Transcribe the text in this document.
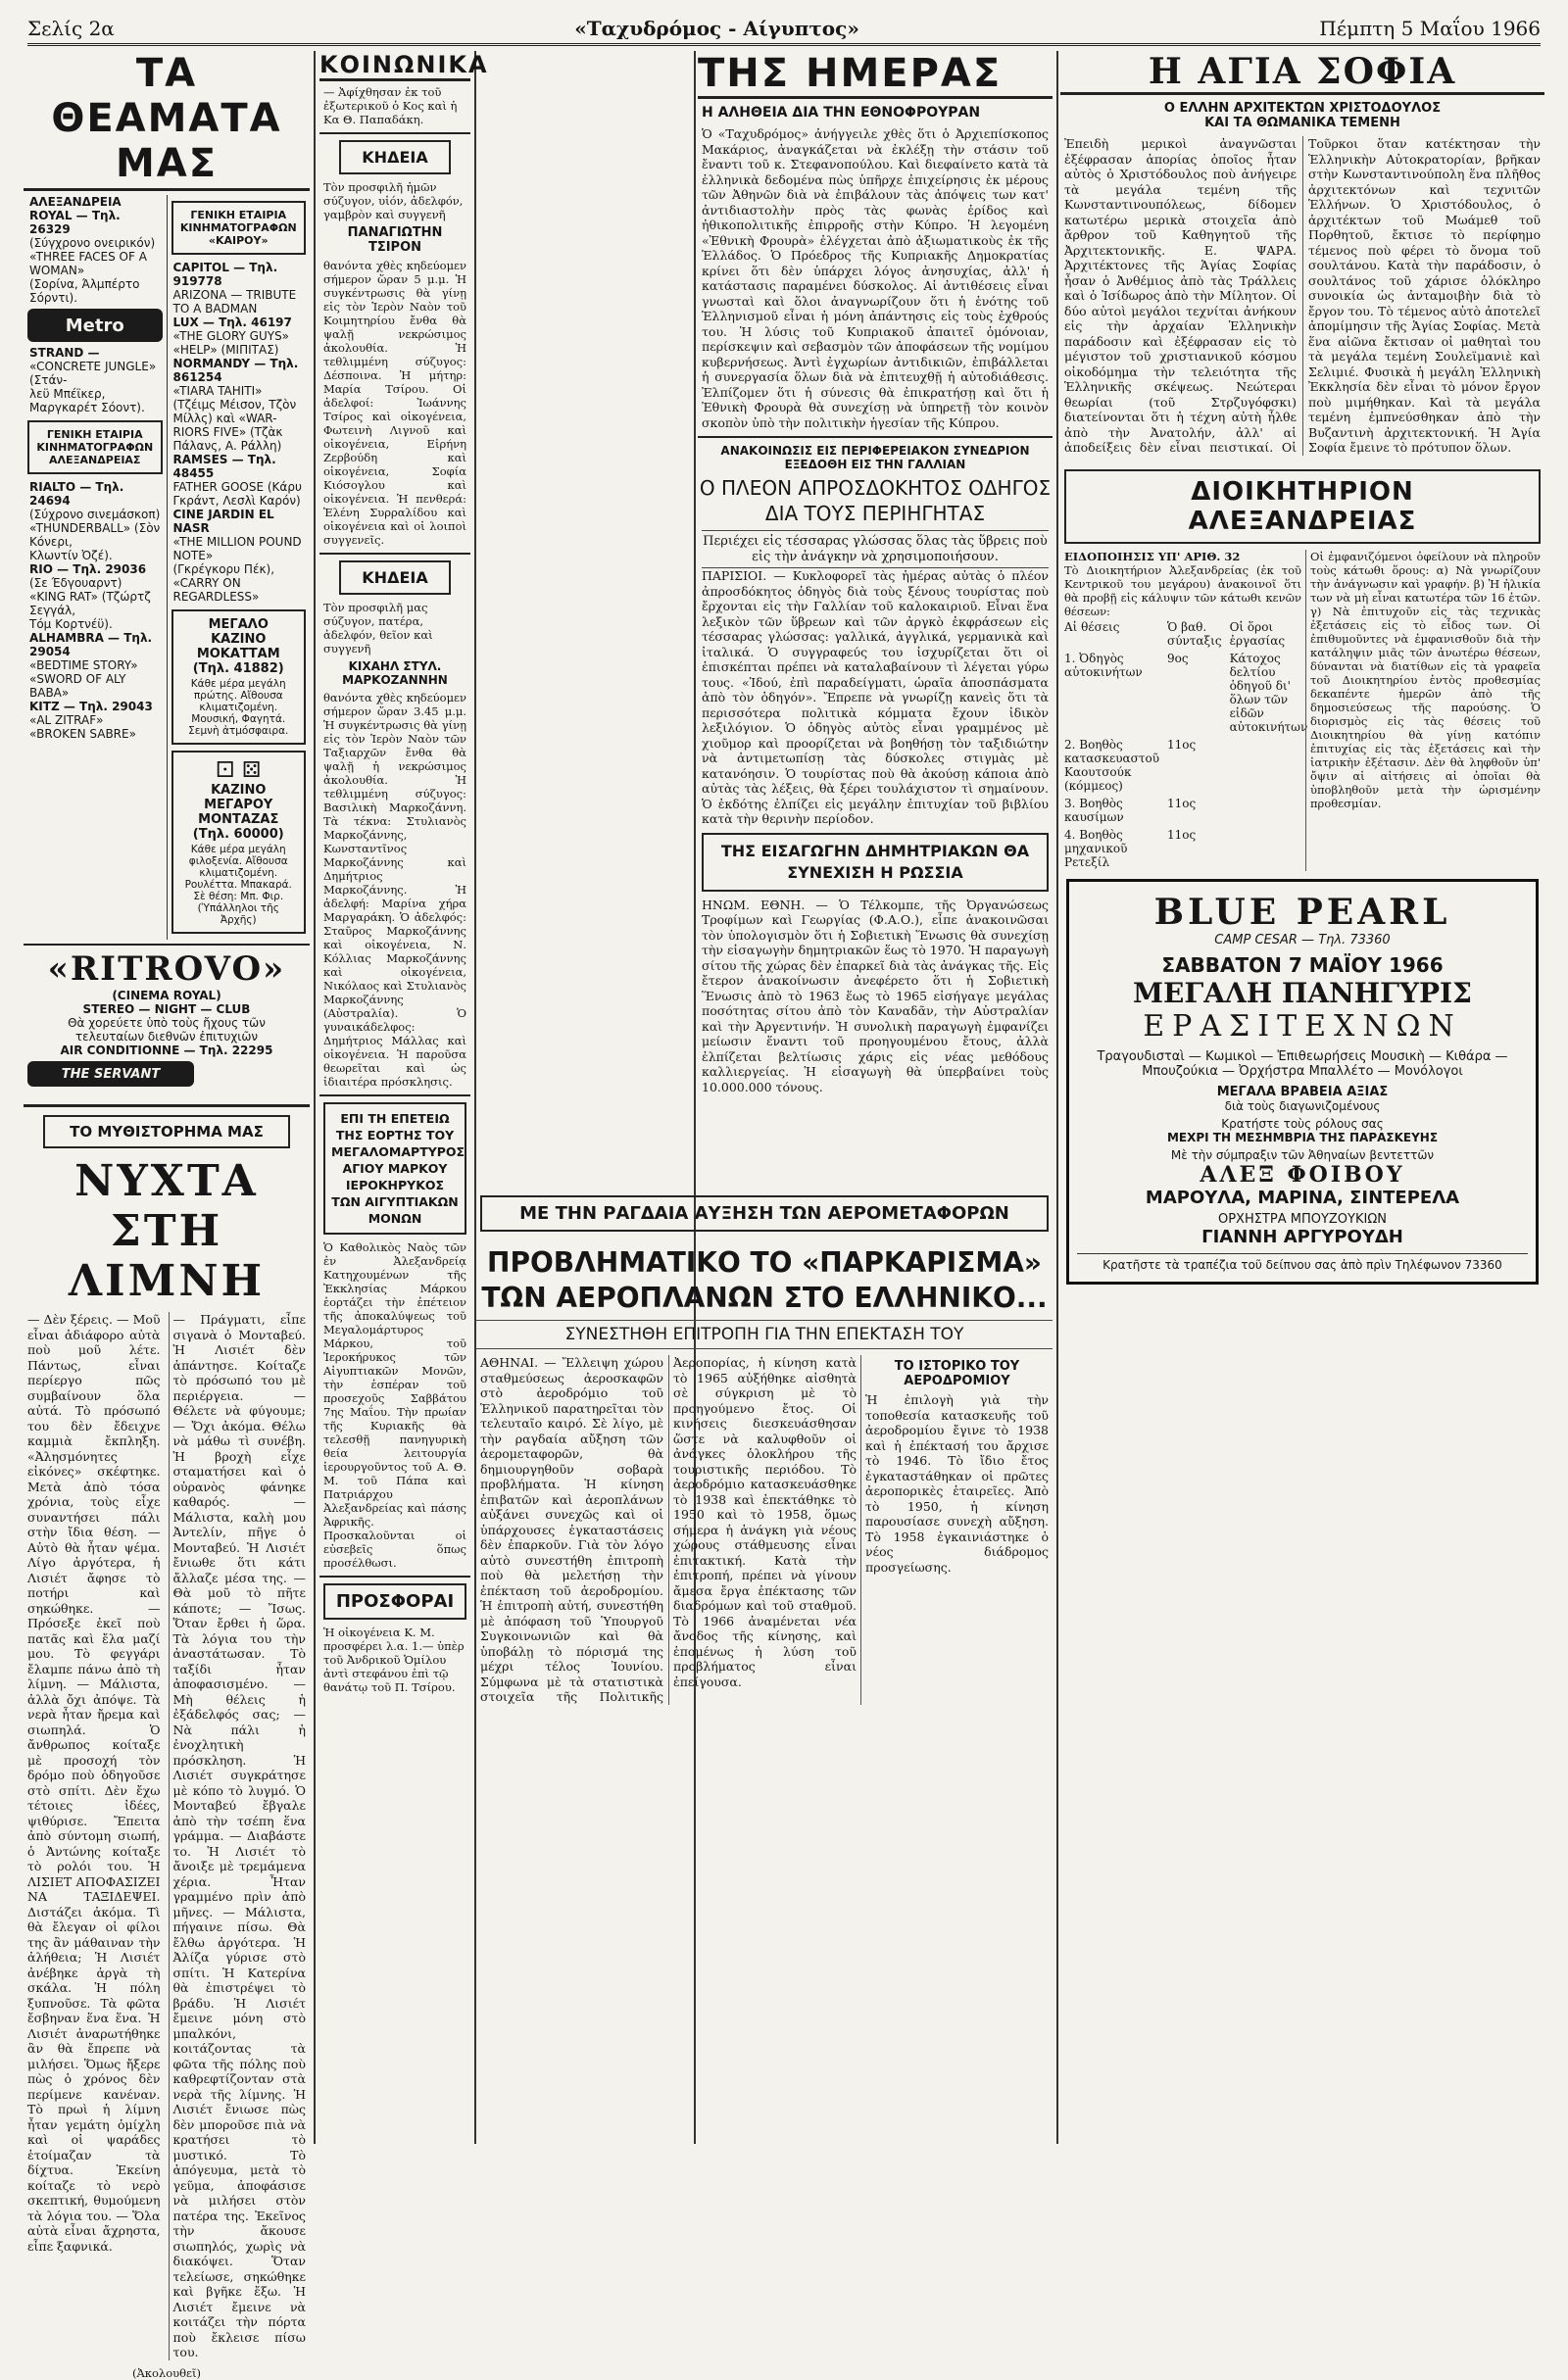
Σελίς 2α	«Ταχυδρόμος - Αίγυπτος»	Πέμπτη 5 Μαΐου 1966
ΤΑ ΘΕΑΜΑΤΑ ΜΑΣ
ΑΛΕΞΑΝΔΡΕΙΑ
ROYAL — Τηλ. 26329
(Σύγχρονο ονειρικόν)
«THREE FACES OF A WOMAN»
(Σορίνα, Άλμπέρτο Σόρντι).
Metro
STRAND —
«CONCRETE JUNGLE» (Στάν-
λεϋ Μπέϊκερ, Μαργκαρέτ Σόοντ).
ΓΕΝΙΚΗ ΕΤΑΙΡΙΑ ΚΙΝΗΜΑΤΟΓΡΑΦΩΝ ΑΛΕΞΑΝΔΡΕΙΑΣ
RIALTO — Τηλ. 24694
(Σύχρονο σινεμάσκοπ)
«THUNDERBALL» (Σὸν Κόνερι,
Κλωντίν Ὀζέ).
RIO — Τηλ. 29036
(Σε Έδγουαρντ)
«KING RAT» (Τζώρτζ Σεγγάλ,
Τόμ Κορτνέϋ).
ALHAMBRA — Τηλ. 29054
«BEDTIME STORY»
«SWORD OF ALY BABA»
KITZ — Τηλ. 29043
«AL ZITRAF»
«BROKEN SABRE»
ΓΕΝΙΚΗ ΕΤΑΙΡΙΑ ΚΙΝΗΜΑΤΟΓΡΑΦΩΝ «ΚΑΙΡΟΥ»
CAPITOL — Τηλ. 919778
ARIZONA — TRIBUTE TO A BADMAN
LUX — Τηλ. 46197
«THE GLORY GUYS»
«HELP» (ΜΙΠΙΤΑΣ)
NORMANDY — Τηλ. 861254
«TIARA TAHITI» (Τζέιμς Μέισον, Τζὸν Μίλλς) καὶ «WAR-
RIORS FIVE» (Τζὰκ Πάλανς, Α. Ράλλη)
RAMSES — Τηλ. 48455
FATHER GOOSE (Κάρυ Γκράντ, Λεσλὶ Καρόν)
CINE JARDIN EL NASR
«THE MILLION POUND NOTE»
(Γκρέγκορυ Πέκ),
«CARRY ON REGARDLESS»
ΜΕΓΑΛΟ ΚΑΖΙΝΟ ΜΟΚΑΤΤΑΜ (Τηλ. 41882)
Κάθε μέρα μεγάλη πρώτης. Αἴθουσα κλιματιζομένη. Μουσική, Φαγητά. Σεμνὴ ἀτμόσφαιρα.
⚀ ⚄
ΚΑΖΙΝΟ ΜΕΓΑΡΟΥ ΜΟΝΤΑΖΑΣ (Τηλ. 60000)
Κάθε μέρα μεγάλη φιλοξενία. Αἴθουσα κλιματιζομένη. Ρουλέττα. Μπακαρά.
Σὲ θέση: Μπ. Φιρ. (Ὑπάλληλοι τῆς Ἀρχῆς)
«RITROVO»
(CINEMA ROYAL)
STEREO — NIGHT — CLUB
Θὰ χορεύετε ὑπὸ τοὺς ἤχους τῶν
τελευταίων διεθνῶν ἐπιτυχιῶν
AIR CONDITIONNE — Τηλ. 22295
THE SERVANT
ΤΟ ΜΥΘΙΣΤΟΡΗΜΑ ΜΑΣ
ΝΥΧΤΑ ΣΤΗ ΛΙΜΝΗ

— Δὲν ξέρεις. — Μοῦ εἶναι ἀδιάφορο αὐτὰ ποὺ μοῦ λέτε. Πάντως, εἶναι περίεργο πῶς συμβαίνουν ὅλα αὐτά. Τὸ πρόσωπό του δὲν ἔδειχνε καμμιὰ ἔκπληξη. «Ἀλησμόνητες εἰκόνες» σκέφτηκε. Μετὰ ἀπὸ τόσα χρόνια, τοὺς εἶχε συναντήσει πάλι στὴν ἴδια θέση. — Αὐτὸ θὰ ἦταν ψέμα. Λίγο ἀργότερα, ἡ Λισιέτ ἄφησε τὸ ποτήρι καὶ σηκώθηκε. — Πρόσεξε ἐκεῖ ποὺ πατᾶς καὶ ἔλα μαζί μου. Τὸ φεγγάρι ἔλαμπε πάνω ἀπὸ τὴ λίμνη. — Μάλιστα, ἀλλὰ ὄχι ἀπόψε. Τὰ νερὰ ἦταν ἤρεμα καὶ σιωπηλά. Ὁ ἄνθρωπος κοίταξε μὲ προσοχή τὸν δρόμο ποὺ ὁδηγοῦσε στὸ σπίτι. Δὲν ἔχω τέτοιες ἰδέες, ψιθύρισε. Ἔπειτα ἀπὸ σύντομη σιωπή, ὁ Ἀντώνης κοίταξε τὸ ρολόι του. Ἡ ΛΙΣΙΕΤ ΑΠΟΦΑΣΙΖΕΙ ΝΑ ΤΑΞΙΔΕΨΕΙ. Διστάζει ἀκόμα. Τὶ θὰ ἔλεγαν οἱ φίλοι της ἂν μάθαιναν τὴν ἀλήθεια; Ἡ Λισιέτ ἀνέβηκε ἀργὰ τὴ σκάλα. Ἡ πόλη ξυπνοῦσε. Τὰ φῶτα ἔσβηναν ἕνα ἕνα. Ἡ Λισιέτ ἀναρωτήθηκε ἂν θὰ ἔπρεπε νὰ μιλήσει. Ὅμως ἤξερε πὼς ὁ χρόνος δὲν περίμενε κανέναν. Τὸ πρωὶ ἡ λίμνη ἦταν γεμάτη ὁμίχλη καὶ οἱ ψαράδες ἑτοίμαζαν τὰ δίχτυα. Ἐκείνη κοίταζε τὸ νερὸ σκεπτική, θυμούμενη τὰ λόγια του. — Ὅλα αὐτὰ εἶναι ἄχρηστα, εἶπε ξαφνικά.

— Πράγματι, εἶπε σιγανὰ ὁ Μονταβεύ. Ἡ Λισιέτ δὲν ἀπάντησε. Κοίταζε τὸ πρόσωπό του μὲ περιέργεια. — Θέλετε νὰ φύγουμε; — Ὄχι ἀκόμα. Θέλω νὰ μάθω τὶ συνέβη. Ἡ βροχὴ εἶχε σταματήσει καὶ ὁ οὐρανὸς φάνηκε καθαρός. — Μάλιστα, καλὴ μου Ἀντελίν, πῆγε ὁ Μονταβεύ. Ἡ Λισιέτ ἔνιωθε ὅτι κάτι ἄλλαζε μέσα της. — Θὰ μοῦ τὸ πῆτε κάποτε; — Ἴσως. Ὅταν ἔρθει ἡ ὥρα. Τὰ λόγια του τὴν ἀναστάτωσαν. Τὸ ταξίδι ἦταν ἀποφασισμένο. — Μὴ θέλεις ἡ ἐξάδελφός σας; — Νὰ πάλι ἡ ἐνοχλητικὴ πρόσκληση. Ἡ Λισιέτ συγκράτησε μὲ κόπο τὸ λυγμό. Ὁ Μονταβεύ ἔβγαλε ἀπὸ τὴν τσέπη ἕνα γράμμα. — Διαβάστε το. Ἡ Λισιέτ τὸ ἄνοιξε μὲ τρεμάμενα χέρια. Ἦταν γραμμένο πρὶν ἀπὸ μῆνες. — Μάλιστα, πήγαινε πίσω. Θὰ ἔλθω ἀργότερα. Ἡ Ἀλίζα γύρισε στὸ σπίτι. Ἡ Κατερίνα θὰ ἐπιστρέψει τὸ βράδυ. Ἡ Λισιέτ ἔμεινε μόνη στὸ μπαλκόνι, κοιτάζοντας τὰ φῶτα τῆς πόλης ποὺ καθρεφτίζονταν στὰ νερὰ τῆς λίμνης. Ἡ Λισιέτ ἔνιωσε πὼς δὲν μποροῦσε πιὰ νὰ κρατήσει τὸ μυστικό. Τὸ ἀπόγευμα, μετὰ τὸ γεῦμα, ἀποφάσισε νὰ μιλήσει στὸν πατέρα της. Ἐκεῖνος τὴν ἄκουσε σιωπηλός, χωρὶς νὰ διακόψει. Ὅταν τελείωσε, σηκώθηκε καὶ βγῆκε ἔξω. Ἡ Λισιέτ ἔμεινε νὰ κοιτάζει τὴν πόρτα ποὺ ἔκλεισε πίσω του.

(Ἀκολουθεῖ)

ΚΟΙΝΩΝΙΚΑ

— Ἀφίχθησαν ἐκ τοῦ ἐξωτερικοῦ ὁ Κος καὶ ἡ Κα Θ. Παπαδάκη.

ΚΗΔΕΙΑ

Τὸν προσφιλῆ ἡμῶν σύζυγον, υἱόν, ἀδελφόν, γαμβρὸν καὶ συγγενῆ

ΠΑΝΑΓΙΩΤΗΝ ΤΣΙΡΟΝ

θανόντα χθὲς κηδεύομεν σήμερον ὥραν 5 μ.μ. Ἡ συγκέντρωσις θὰ γίνῃ εἰς τὸν Ἱερὸν Ναὸν τοῦ Κοιμητηρίου ἔνθα θὰ ψαλῇ νεκρώσιμος ἀκολουθία. Ἡ τεθλιμμένη σύζυγος: Δέσποινα. Ἡ μήτηρ: Μαρία Τσίρου. Οἱ ἀδελφοί: Ἰωάννης Τσίρος καὶ οἰκογένεια, Φωτεινὴ Λιγνοῦ καὶ οἰκογένεια, Εἰρήνη Ζερβούδη καὶ οἰκογένεια, Σοφία Κιόσογλου καὶ οἰκογένεια. Ἡ πενθερά: Ἑλένη Συρραλίδου καὶ οἰκογένεια καὶ οἱ λοιποὶ συγγενεῖς.

ΚΗΔΕΙΑ

Τὸν προσφιλῆ μας σύζυγον, πατέρα, ἀδελφόν, θεῖον καὶ συγγενῆ

ΚΙΧΑΗΛ ΣΤΥΛ. ΜΑΡΚΟΖΑΝΝΗΝ

θανόντα χθὲς κηδεύομεν σήμερον ὥραν 3.45 μ.μ. Ἡ συγκέντρωσις θὰ γίνῃ εἰς τὸν Ἱερὸν Ναὸν τῶν Ταξιαρχῶν ἔνθα θὰ ψαλῇ ἡ νεκρώσιμος ἀκολουθία. Ἡ τεθλιμμένη σύζυγος: Βασιλικὴ Μαρκοζάννη. Τὰ τέκνα: Στυλιανὸς Μαρκοζάννης, Κωνσταντῖνος Μαρκοζάννης καὶ Δημήτριος Μαρκοζάννης. Ἡ ἀδελφή: Μαρίνα χήρα Μαργαράκη. Ὁ ἀδελφός: Σταῦρος Μαρκοζάννης καὶ οἰκογένεια, Ν. Κόλλιας Μαρκοζάννης καὶ οἰκογένεια, Νικόλαος καὶ Στυλιανὸς Μαρκοζάννης (Αὐστραλία). Ὁ γυναικάδελφος: Δημήτριος Μάλλας καὶ οἰκογένεια. Ἡ παροῦσα θεωρεῖται καὶ ὡς ἰδιαιτέρα πρόσκλησις.

ΕΠΙ ΤΗ ΕΠΕΤΕΙΩ ΤΗΣ ΕΟΡΤΗΣ ΤΟΥ ΜΕΓΑΛΟΜΑΡΤΥΡΟΣ ΑΓΙΟΥ ΜΑΡΚΟΥ ΙΕΡΟΚΗΡΥΚΟΣ ΤΩΝ ΑΙΓΥΠΤΙΑΚΩΝ ΜΟΝΩΝ

Ὁ Καθολικὸς Ναὸς τῶν ἐν Ἀλεξανδρείᾳ Κατηχουμένων τῆς Ἐκκλησίας Μάρκου ἑορτάζει τὴν ἐπέτειον τῆς ἀποκαλύψεως τοῦ Μεγαλομάρτυρος Μάρκου, τοῦ Ἱεροκήρυκος τῶν Αἰγυπτιακῶν Μονῶν, τὴν ἐσπέραν τοῦ προσεχοῦς Σαββάτου 7ης Μαΐου. Τὴν πρωίαν τῆς Κυριακῆς θὰ τελεσθῇ πανηγυρικὴ θεία λειτουργία ἱερουργοῦντος τοῦ Α. Θ. Μ. τοῦ Πάπα καὶ Πατριάρχου Ἀλεξανδρείας καὶ πάσης Ἀφρικῆς. Προσκαλοῦνται οἱ εὐσεβεῖς ὅπως προσέλθωσι.

ΠΡΟΣΦΟΡΑΙ

Ἡ οἰκογένεια Κ. Μ. προσφέρει λ.α. 1.— ὑπὲρ τοῦ Ἀνδρικοῦ Ὁμίλου ἀντὶ στεφάνου ἐπὶ τῷ θανάτῳ τοῦ Π. Τσίρου.

ΤΗΣ ΗΜΕΡΑΣ
Η ΑΛΗΘΕΙΑ ΔΙΑ ΤΗΝ ΕΘΝΟΦΡΟΥΡΑΝ

Ὁ «Ταχυδρόμος» ἀνήγγειλε χθὲς ὅτι ὁ Ἀρχιεπίσκοπος Μακάριος, ἀναγκάζεται νὰ ἐκλέξῃ τὴν στάσιν τοῦ ἔναντι τοῦ κ. Στεφανοπούλου. Καὶ διεφαίνετο κατὰ τὰ ἐλληνικὰ δεδομένα πὼς ὑπῆρχε ἐπιχείρησις ἐκ μέρους τῶν Ἀθηνῶν διὰ νὰ ἐπιβάλουν τὰς ἀπόψεις των κατ' ἀντιδιαστολὴν πρὸς τὰς φωνὰς ἐρίδος καὶ ἠθικοπολιτικῆς ἐπιρροῆς στὴν Κύπρο. Ἡ λεγομένη «Ἐθνικὴ Φρουρὰ» ἐλέγχεται ἀπὸ ἀξιωματικοὺς ἐκ τῆς Ἑλλάδος. Ὁ Πρόεδρος τῆς Κυπριακῆς Δημοκρατίας κρίνει ὅτι δὲν ὑπάρχει λόγος ἀνησυχίας, ἀλλ' ἡ κατάστασις παραμένει δύσκολος. Αἱ ἀντιθέσεις εἶναι γνωσταὶ καὶ ὅλοι ἀναγνωρίζουν ὅτι ἡ ἑνότης τοῦ Ἑλληνισμοῦ εἶναι ἡ μόνη ἀπάντησις εἰς τοὺς ἐχθρούς του. Ἡ λύσις τοῦ Κυπριακοῦ ἀπαιτεῖ ὁμόνοιαν, περίσκεψιν καὶ σεβασμὸν τῶν ἀποφάσεων τῆς νομίμου κυβερνήσεως. Ἀντὶ ἐγχωρίων ἀντιδικιῶν, ἐπιβάλλεται ἡ συνεργασία ὅλων διὰ νὰ ἐπιτευχθῇ ἡ αὐτοδιάθεσις. Ἐλπίζομεν ὅτι ἡ σύνεσις θὰ ἐπικρατήσῃ καὶ ὅτι ἡ Ἐθνικὴ Φρουρὰ θὰ συνεχίσῃ νὰ ὑπηρετῇ τὸν κοινὸν σκοπὸν ὑπὸ τὴν πολιτικὴν ἡγεσίαν τῆς Κύπρου.

ΑΝΑΚΟΙΝΩΣΙΣ ΕΙΣ ΠΕΡΙΦΕΡΕΙΑΚΟΝ ΣΥΝΕΔΡΙΟΝ ΕΞΕΔΟΘΗ ΕΙΣ ΤΗΝ ΓΑΛΛΙΑΝ
Ο ΠΛΕΟΝ ΑΠΡΟΣΔΟΚΗΤΟΣ ΟΔΗΓΟΣ ΔΙΑ ΤΟΥΣ ΠΕΡΙΗΓΗΤΑΣ

Περιέχει εἰς τέσσαρας γλώσσας ὅλας τὰς ὕβρεις ποὺ εἰς τὴν ἀνάγκην νὰ χρησιμοποιήσουν.

ΠΑΡΙΣΙΟΙ. — Κυκλοφορεῖ τὰς ἡμέρας αὐτὰς ὁ πλέον ἀπροσδόκητος ὁδηγὸς διὰ τοὺς ξένους τουρίστας ποὺ ἔρχονται εἰς τὴν Γαλλίαν τοῦ καλοκαιριοῦ. Εἶναι ἕνα λεξικὸν τῶν ὕβρεων καὶ τῶν ἀργκὸ ἐκφράσεων εἰς τέσσαρας γλώσσας: γαλλικά, ἀγγλικά, γερμανικὰ καὶ ἰταλικά. Ὁ συγγραφεύς του ἰσχυρίζεται ὅτι οἱ ἐπισκέπται πρέπει νὰ καταλαβαίνουν τὶ λέγεται γύρω τους. «Ἰδού, ἐπὶ παραδείγματι, ὡραῖα ἀποσπάσματα ἀπὸ τὸν ὁδηγόν». Ἔπρεπε νὰ γνωρίζῃ κανεὶς ὅτι τὰ περισσότερα πολιτικὰ κόμματα ἔχουν ἰδικὸν λεξιλόγιον. Ὁ ὁδηγὸς αὐτὸς εἶναι γραμμένος μὲ χιοῦμορ καὶ προορίζεται νὰ βοηθήσῃ τὸν ταξιδιώτην νὰ ἀντιμετωπίσῃ τὰς δύσκολες στιγμὰς μὲ κατανόησιν. Ὁ τουρίστας ποὺ θὰ ἀκούσῃ κάποια ἀπὸ αὐτὰς τὰς λέξεις, θὰ ξέρει τουλάχιστον τὶ σημαίνουν. Ὁ ἐκδότης ἐλπίζει εἰς μεγάλην ἐπιτυχίαν τοῦ βιβλίου κατὰ τὴν θερινὴν περίοδον.

ΤΗΣ ΕΙΣΑΓΩΓΗΝ ΔΗΜΗΤΡΙΑΚΩΝ ΘΑ ΣΥΝΕΧΙΣΗ Η ΡΩΣΣΙΑ

ΗΝΩΜ. ΕΘΝΗ. — Ὁ Τέλκομπε, τῆς Ὀργανώσεως Τροφίμων καὶ Γεωργίας (Φ.Α.Ο.), εἶπε ἀνακοινῶσαι τὸν ὑπολογισμὸν ὅτι ἡ Σοβιετικὴ Ἕνωσις θὰ συνεχίσῃ τὴν εἰσαγωγὴν δημητριακῶν ἕως τὸ 1970. Ἡ παραγωγὴ σίτου τῆς χώρας δὲν ἐπαρκεῖ διὰ τὰς ἀνάγκας τῆς. Εἰς ἔτερον ἀνακοίνωσιν ἀνεφέρετο ὅτι ἡ Σοβιετικὴ Ἕνωσις ἀπὸ τὸ 1963 ἕως τὸ 1965 εἰσήγαγε μεγάλας ποσότητας σίτου ἀπὸ τὸν Καναδᾶν, τὴν Αὐστραλίαν καὶ τὴν Ἀργεντινήν. Ἡ συνολικὴ παραγωγὴ ἐμφανίζει μείωσιν ἕναντι τοῦ προηγουμένου ἔτους, ἀλλὰ ἐλπίζεται βελτίωσις χάρις εἰς νέας μεθόδους καλλιεργείας. Ἡ εἰσαγωγὴ θὰ ὑπερβαίνει τοὺς 10.000.000 τόνους.

ΜΕ ΤΗΝ ΡΑΓΔΑΙΑ ΑΥΞΗΣΗ ΤΩΝ ΑΕΡΟΜΕΤΑΦΟΡΩΝ
ΠΡΟΒΛΗΜΑΤΙΚΟ ΤΟ «ΠΑΡΚΑΡΙΣΜΑ» ΤΩΝ ΑΕΡΟΠΛΑΝΩΝ ΣΤΟ ΕΛΛΗΝΙΚΟ...
ΣΥΝΕΣΤΗΘΗ ΕΠΙΤΡΟΠΗ ΓΙΑ ΤΗΝ ΕΠΕΚΤΑΣΗ ΤΟΥ

ΑΘΗΝΑΙ. — Ἔλλειψη χώρου σταθμεύσεως ἀεροσκαφῶν στὸ ἀεροδρόμιο τοῦ Ἑλληνικοῦ παρατηρεῖται τὸν τελευταῖο καιρό. Σὲ λίγο, μὲ τὴν ραγδαία αὔξηση τῶν ἀερομεταφορῶν, θὰ δημιουργηθοῦν σοβαρὰ προβλήματα. Ἡ κίνηση ἐπιβατῶν καὶ ἀεροπλάνων αὐξάνει συνεχῶς καὶ οἱ ὑπάρχουσες ἐγκαταστάσεις δὲν ἐπαρκοῦν. Γιὰ τὸν λόγο αὐτὸ συνεστήθη ἐπιτροπὴ ποὺ θὰ μελετήσῃ τὴν ἐπέκταση τοῦ ἀεροδρομίου. Ἡ ἐπιτροπὴ αὐτή, συνεστήθη μὲ ἀπόφαση τοῦ Ὑπουργοῦ Συγκοινωνιῶν καὶ θὰ ὑποβάλῃ τὸ πόρισμά της μέχρι τέλος Ἰουνίου. Σύμφωνα μὲ τὰ στατιστικὰ στοιχεῖα τῆς Πολιτικῆς Ἀεροπορίας, ἡ κίνηση κατὰ τὸ 1965 αὐξήθηκε αἰσθητὰ σὲ σύγκριση μὲ τὸ προηγούμενο ἔτος. Οἱ κινήσεις διεσκευάσθησαν ὥστε νὰ καλυφθοῦν οἱ ἀνάγκες ὁλοκλήρου τῆς τουριστικῆς περιόδου. Τὸ ἀεροδρόμιο κατασκευάσθηκε τὸ 1938 καὶ ἐπεκτάθηκε τὸ 1950 καὶ τὸ 1958, ὅμως σήμερα ἡ ἀνάγκη γιὰ νέους χώρους στάθμευσης εἶναι ἐπιτακτική. Κατὰ τὴν ἐπιτροπή, πρέπει νὰ γίνουν ἄμεσα ἔργα ἐπέκτασης τῶν διαδρόμων καὶ τοῦ σταθμοῦ. Τὸ 1966 ἀναμένεται νέα ἄνοδος τῆς κίνησης, καὶ ἑπομένως ἡ λύση τοῦ προβλήματος εἶναι ἐπείγουσα.

ΤΟ ΙΣΤΟΡΙΚΟ ΤΟΥ ΑΕΡΟΔΡΟΜΙΟΥ

Ἡ ἐπιλογὴ γιὰ τὴν τοποθεσία κατασκευῆς τοῦ ἀεροδρομίου ἔγινε τὸ 1938 καὶ ἡ ἐπέκτασή του ἄρχισε τὸ 1946. Τὸ ἴδιο ἔτος ἐγκαταστάθηκαν οἱ πρῶτες ἀεροπορικὲς ἑταιρεῖες. Ἀπὸ τὸ 1950, ἡ κίνηση παρουσίασε συνεχὴ αὔξηση. Τὸ 1958 ἐγκαινιάστηκε ὁ νέος διάδρομος προσγείωσης.

Η ΑΓΙΑ ΣΟΦΙΑ
Ο ΕΛΛΗΝ ΑΡΧΙΤΕΚΤΩΝ ΧΡΙΣΤΟΔΟΥΛΟΣ
ΚΑΙ ΤΑ ΘΩΜΑΝΙΚΑ ΤΕΜΕΝΗ

Ἐπειδὴ μερικοὶ ἀναγνῶσται ἐξέφρασαν ἀπορίας ὁποῖος ἦταν αὐτὸς ὁ Χριστόδουλος ποὺ ἀνήγειρε τὰ μεγάλα τεμένη τῆς Κωνσταντινουπόλεως, δίδομεν κατωτέρω μερικὰ στοιχεῖα ἀπὸ ἄρθρον τοῦ Καθηγητοῦ τῆς Ἀρχιτεκτονικῆς. Ε. ΨΑΡΑ. Ἀρχιτέκτονες τῆς Ἁγίας Σοφίας ἦσαν ὁ Ἀνθέμιος ἀπὸ τὰς Τράλλεις καὶ ὁ Ἰσίδωρος ἀπὸ τὴν Μίλητον. Οἱ δύο αὐτοὶ μεγάλοι τεχνίται ἀνήκουν εἰς τὴν ἀρχαίαν Ἑλληνικὴν παράδοσιν καὶ ἐξέφρασαν εἰς τὸ μέγιστον τοῦ χριστιανικοῦ κόσμου οἰκοδόμημα τὴν τελειότητα τῆς Ἑλληνικῆς σκέψεως. Νεώτεραι θεωρίαι (τοῦ Στρζυγόφσκι) διατείνονται ὅτι ἡ τέχνη αὐτὴ ἦλθε ἀπὸ τὴν Ἀνατολήν, ἀλλ' αἱ ἀποδείξεις δὲν εἶναι πειστικαί. Οἱ Τοῦρκοι ὅταν κατέκτησαν τὴν Ἑλληνικὴν Αὐτοκρατορίαν, βρῆκαν στὴν Κωνσταντινούπολη ἕνα πλῆθος ἀρχιτεκτόνων καὶ τεχνιτῶν Ἑλλήνων. Ὁ Χριστόδουλος, ὁ ἀρχιτέκτων τοῦ Μωάμεθ τοῦ Πορθητοῦ, ἔκτισε τὸ περίφημο τέμενος ποὺ φέρει τὸ ὄνομα τοῦ σουλτάνου. Κατὰ τὴν παράδοσιν, ὁ σουλτάνος τοῦ χάρισε ὁλόκληρο συνοικία ὡς ἀνταμοιβὴν διὰ τὸ ἔργον του. Τὸ τέμενος αὐτὸ ἀποτελεῖ ἀπομίμησιν τῆς Ἁγίας Σοφίας. Μετὰ ἕνα αἰῶνα ἔκτισαν οἱ μαθηταὶ του τὰ μεγάλα τεμένη Σουλεϊμανιὲ καὶ Σελιμιέ. Φυσικὰ ἡ μεγάλη Ἑλληνικὴ Ἐκκλησία δὲν εἶναι τὸ μόνον ἔργον ποὺ μιμήθηκαν. Καὶ τὰ μεγάλα τεμένη ἐμπνεύσθηκαν ἀπὸ τὴν Βυζαντινὴ ἀρχιτεκτονική. Ἡ Ἁγία Σοφία ἔμεινε τὸ πρότυπον ὅλων.

ΔΙΟΙΚΗΤΗΡΙΟΝ ΑΛΕΞΑΝΔΡΕΙΑΣ
ΕΙΔΟΠΟΙΗΣΙΣ ΥΠ' ΑΡΙΘ. 32

Τὸ Διοικητήριον Ἀλεξανδρείας (ἐκ τοῦ Κεντρικοῦ του μεγάρου) ἀνακοινοῖ ὅτι θὰ προβῇ εἰς κάλυψιν τῶν κάτωθι κενῶν θέσεων:

Αἱ θέσεις	Ὁ βαθ. σύνταξις	Οἱ ὅροι ἐργασίας
1. Ὀδηγὸς αὐτοκινήτων	9ος	Κάτοχος δελτίου ὁδηγοῦ δι' ὅλων τῶν εἰδῶν αὐτοκινήτων
2. Βοηθὸς κατασκευαστοῦ Καουτσούκ (κόμμεος)	11ος	
3. Βοηθὸς καυσίμων	11ος	
4. Βοηθὸς μηχανικοῦ Ρετεξίλ	11ος	

Οἱ ἐμφανιζόμενοι ὀφείλουν νὰ πληροῦν τοὺς κάτωθι ὅρους: α) Νὰ γνωρίζουν τὴν ἀνάγνωσιν καὶ γραφήν. β) Ἡ ἡλικία των νὰ μὴ εἶναι κατωτέρα τῶν 16 ἐτῶν. γ) Νὰ ἐπιτυχοῦν εἰς τὰς τεχνικὰς ἐξετάσεις εἰς τὸ εἶδος των. Οἱ ἐπιθυμοῦντες νὰ ἐμφανισθοῦν διὰ τὴν κατάληψιν μιᾶς τῶν ἀνωτέρω θέσεων, δύνανται νὰ διατίθων εἰς τὰ γραφεῖα τοῦ Διοικητηρίου ἐντὸς προθεσμίας δεκαπέντε ἡμερῶν ἀπὸ τῆς δημοσιεύσεως τῆς παρούσης. Ὁ διορισμὸς εἰς τὰς θέσεις τοῦ Διοικητηρίου θὰ γίνῃ κατόπιν ἐπιτυχίας εἰς τὰς ἐξετάσεις καὶ τὴν ἰατρικὴν ἐξέτασιν. Δὲν θὰ ληφθοῦν ὑπ' ὄψιν αἱ αἰτήσεις αἱ ὁποῖαι θὰ ὑποβληθοῦν μετὰ τὴν ὡρισμένην προθεσμίαν.

BLUE PEARL
CAMP CESAR — Τηλ. 73360
ΣΑΒΒΑΤΟΝ 7 ΜΑΪΟΥ 1966
ΜΕΓΑΛΗ ΠΑΝΗΓΥΡΙΣ
ΕΡΑΣΙΤΕΧΝΩΝ
Τραγουδισταὶ — Κωμικοὶ — Ἐπιθεωρήσεις Μουσικὴ — Κιθάρα — Μπουζούκια — Ὀρχήστρα Μπαλλέτο — Μονόλογοι
ΜΕΓΑΛΑ ΒΡΑΒΕΙΑ ΑΞΙΑΣ
διὰ τοὺς διαγωνιζομένους
Κρατήστε τοὺς ρόλους σας
ΜΕΧΡΙ ΤΗ ΜΕΣΗΜΒΡΙΑ ΤΗΣ ΠΑΡΑΣΚΕΥΗΣ
Μὲ τὴν σύμπραξιν τῶν Ἀθηναίων βεντεττῶν
ΑΛΕΞ ΦΟΙΒΟΥ
ΜΑΡΟΥΛΑ, ΜΑΡΙΝΑ, ΣΙΝΤΕΡΕΛΑ
ΟΡΧΗΣΤΡΑ ΜΠΟΥΖΟΥΚΙΩΝ
ΓΙΑΝΝΗ ΑΡΓΥΡΟΥΔΗ
Κρατῆστε τὰ τραπέζια τοῦ δείπνου σας ἀπὸ πρὶν Τηλέφωνον 73360
